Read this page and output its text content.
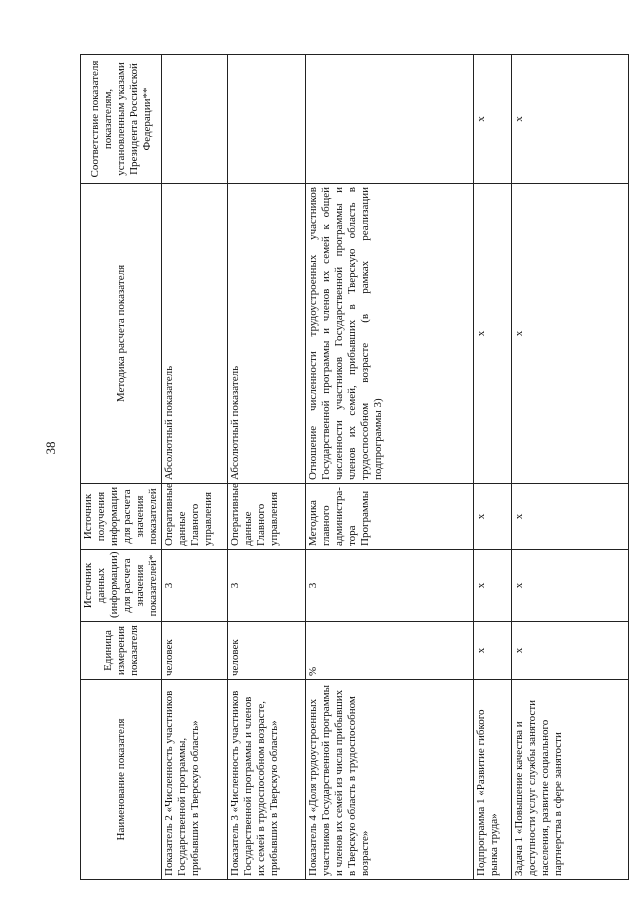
38
Наименование показателя	Единица измерения показателя	Источник данных (информации) для расчета значения показателей*	Источник получения информации для расчета значения показателей	Методика расчета показателя	Соответствие показателя показателям, установленным указами Президента Российской Федерации**
Показатель 2 «Численность участников Государственной программы, прибывших в Тверскую область»	человек	3	Оперативные данные Главного управления	Абсолютный показатель	
Показатель 3 «Численность участников Государственной программы и членов их семей в трудоспособном возрасте, прибывших в Тверскую область»	человек	3	Оперативные данные Главного управления	Абсолютный показатель	
Показатель 4 «Доля трудоустроенных участников Государственной программы и членов их семей из числа прибывших в Тверскую область в трудоспособном возрасте»	%	3	Методика главного администра-тора Программы	Отношение численности трудоустроенных участников Государственной программы и членов их семей к общей численности участников Государственной программы и членов их семей, прибывших в Тверскую область в трудоспособном возрасте (в рамках реализации подпрограммы 3)	
Подпрограмма 1 «Развитие гибкого рынка труда»	х	х	х	х	х
Задача 1 «Повышение качества и доступности услуг службы занятости населения, развитие социального партнерства в сфере занятости	х	х	х	х	х
